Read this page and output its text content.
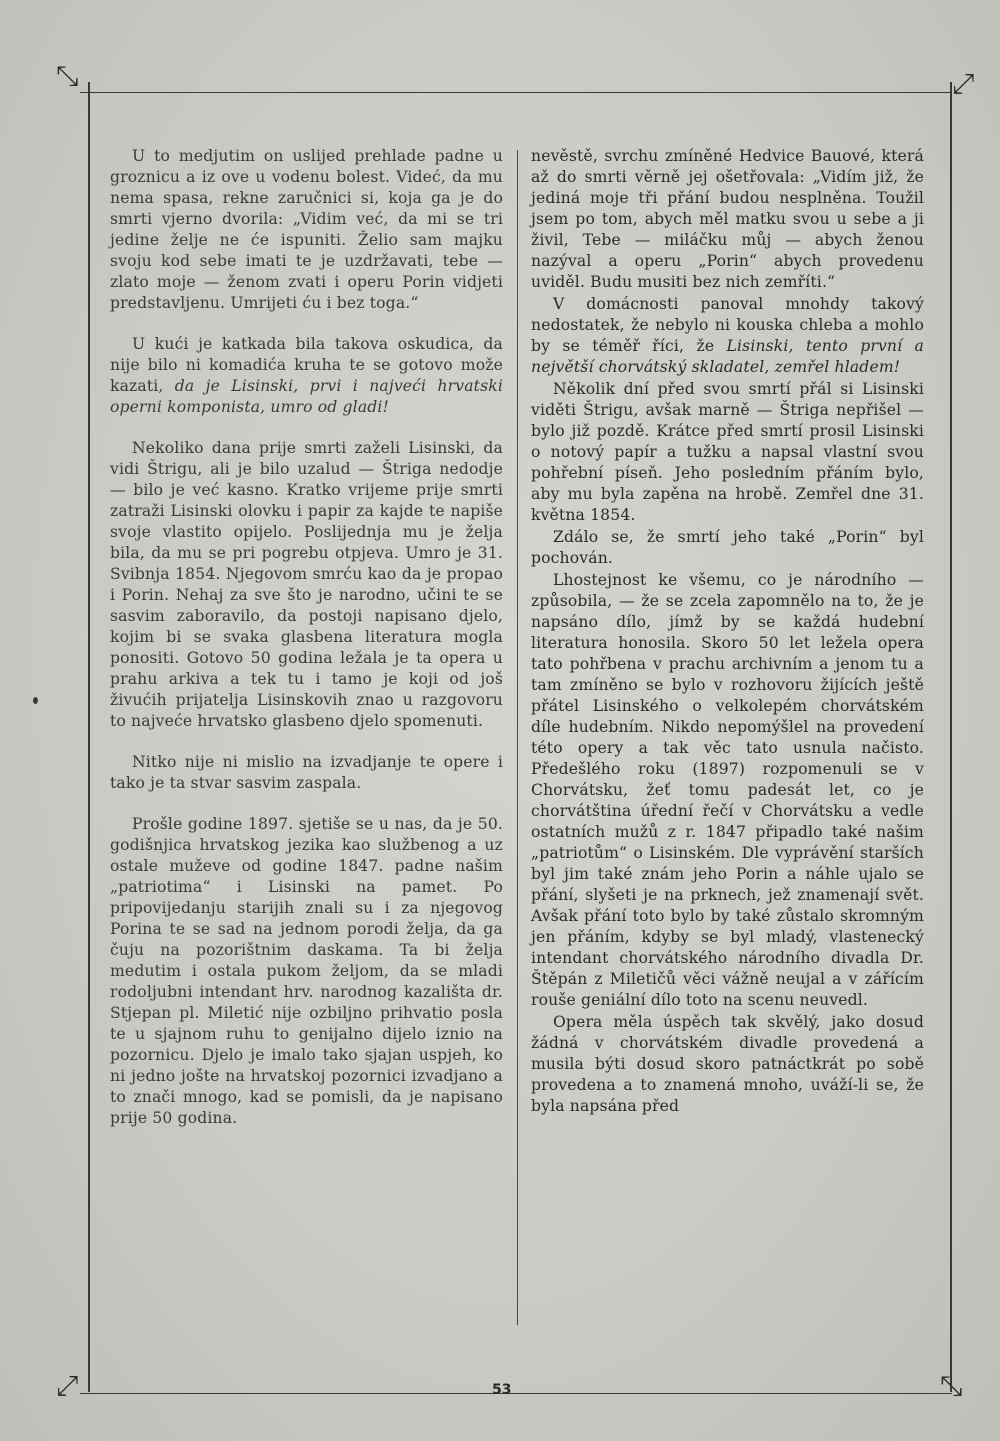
⤡	⤢
⤢	⤡

U to medjutim on uslijed prehlade padne u groznicu a iz ove u vodenu bolest. Videć, da mu nema spasa, rekne zaručnici si, koja ga je do smrti vjerno dvorila: „Vidim već, da mi se tri jedine želje ne će ispuniti. Želio sam majku svoju kod sebe imati te je uzdržavati, tebe — zlato moje — ženom zvati i operu Porin vidjeti predstavljenu. Umrijeti ću i bez toga.“

U kući je katkada bila takova oskudica, da nije bilo ni komadića kruha te se gotovo može kazati, da je Lisinski, prvi i najveći hrvatski operni komponista, umro od gladi!

Nekoliko dana prije smrti zaželi Lisinski, da vidi Štrigu, ali je bilo uzalud — Štriga nedodje — bilo je već kasno. Kratko vrijeme prije smrti zatraži Lisinski olovku i papir za kajde te napiše svoje vlastito opijelo. Poslijednja mu je želja bila, da mu se pri pogrebu otpjeva. Umro je 31. Svibnja 1854. Njegovom smrću kao da je propao i Porin. Nehaj za sve što je narodno, učini te se sasvim zaboravilo, da postoji napisano djelo, kojim bi se svaka glasbena literatura mogla ponositi. Gotovo 50 godina ležala je ta opera u prahu arkiva a tek tu i tamo je koji od još živućih prijatelja Lisinskovih znao u razgovoru to najveće hrvatsko glasbeno djelo spomenuti.

Nitko nije ni mislio na izvadjanje te opere i tako je ta stvar sasvim zaspala.

Prošle godine 1897. sjetiše se u nas, da je 50. godišnjica hrvatskog jezika kao službenog a uz ostale muževe od godine 1847. padne našim „patriotima“ i Lisinski na pamet. Po pripovijedanju starijih znali su i za njegovog Porina te se sad na jednom porodi želja, da ga čuju na pozorištnim daskama. Ta bi želja medutim i ostala pukom željom, da se mladi rodoljubni intendant hrv. narodnog kazališta dr. Stjepan pl. Miletić nije ozbiljno prihvatio posla te u sjajnom ruhu to genijalno dijelo iznio na pozornicu. Djelo je imalo tako sjajan uspjeh, ko ni jedno jošte na hrvatskoj pozornici izvadjano a to znači mnogo, kad se pomisli, da je napisano prije 50 godina.

nevěstě, svrchu zmíněné Hedvice Bauové, která až do smrti věrně jej ošetřovala: „Vidím již, že jediná moje tři přání budou nesplněna. Toužil jsem po tom, abych měl matku svou u sebe a ji živil, Tebe — miláčku můj — abych ženou nazýval a operu „Porin“ abych provedenu uviděl. Budu musiti bez nich zemříti.“

V domácnosti panoval mnohdy takový nedostatek, že nebylo ni kouska chleba a mohlo by se téměř říci, že Lisinski, tento první a největší chorvátský skladatel, zemřel hladem!

Několik dní před svou smrtí přál si Lisinski viděti Štrigu, avšak marně — Štriga nepřišel — bylo již pozdě. Krátce před smrtí prosil Lisinski o notový papír a tužku a napsal vlastní svou pohřební píseň. Jeho posledním přáním bylo, aby mu byla zapěna na hrobě. Zemřel dne 31. května 1854.

Zdálo se, že smrtí jeho také „Porin“ byl pochován.

Lhostejnost ke všemu, co je národního — způsobila, — že se zcela zapomnělo na to, že je napsáno dílo, jímž by se každá hudební literatura honosila. Skoro 50 let ležela opera tato pohřbena v prachu archivním a jenom tu a tam zmíněno se bylo v rozhovoru žijících ještě přátel Lisinského o velkolepém chorvátském díle hudebním. Nikdo nepomýšlel na provedení této opery a tak věc tato usnula načisto. Předešlého roku (1897) rozpomenuli se v Chorvátsku, žeť tomu padesát let, co je chorvátština úřední řečí v Chorvátsku a vedle ostatních mužů z r. 1847 připadlo také našim „patriotům“ o Lisinském. Dle vyprávění starších byl jim také znám jeho Porin a náhle ujalo se přání, slyšeti je na prknech, jež znamenají svět. Avšak přání toto bylo by také zůstalo skromným jen přáním, kdyby se byl mladý, vlastenecký intendant chorvátského národního divadla Dr. Štěpán z Miletičů věci vážně neujal a v zářícím rouše geniální dílo toto na scenu neuvedl.

Opera měla úspěch tak skvělý, jako dosud žádná v chorvátském divadle provedená a musila býti dosud skoro patnáctkrát po sobě provedena a to znamená mnoho, uváží-li se, že byla napsána před

53
